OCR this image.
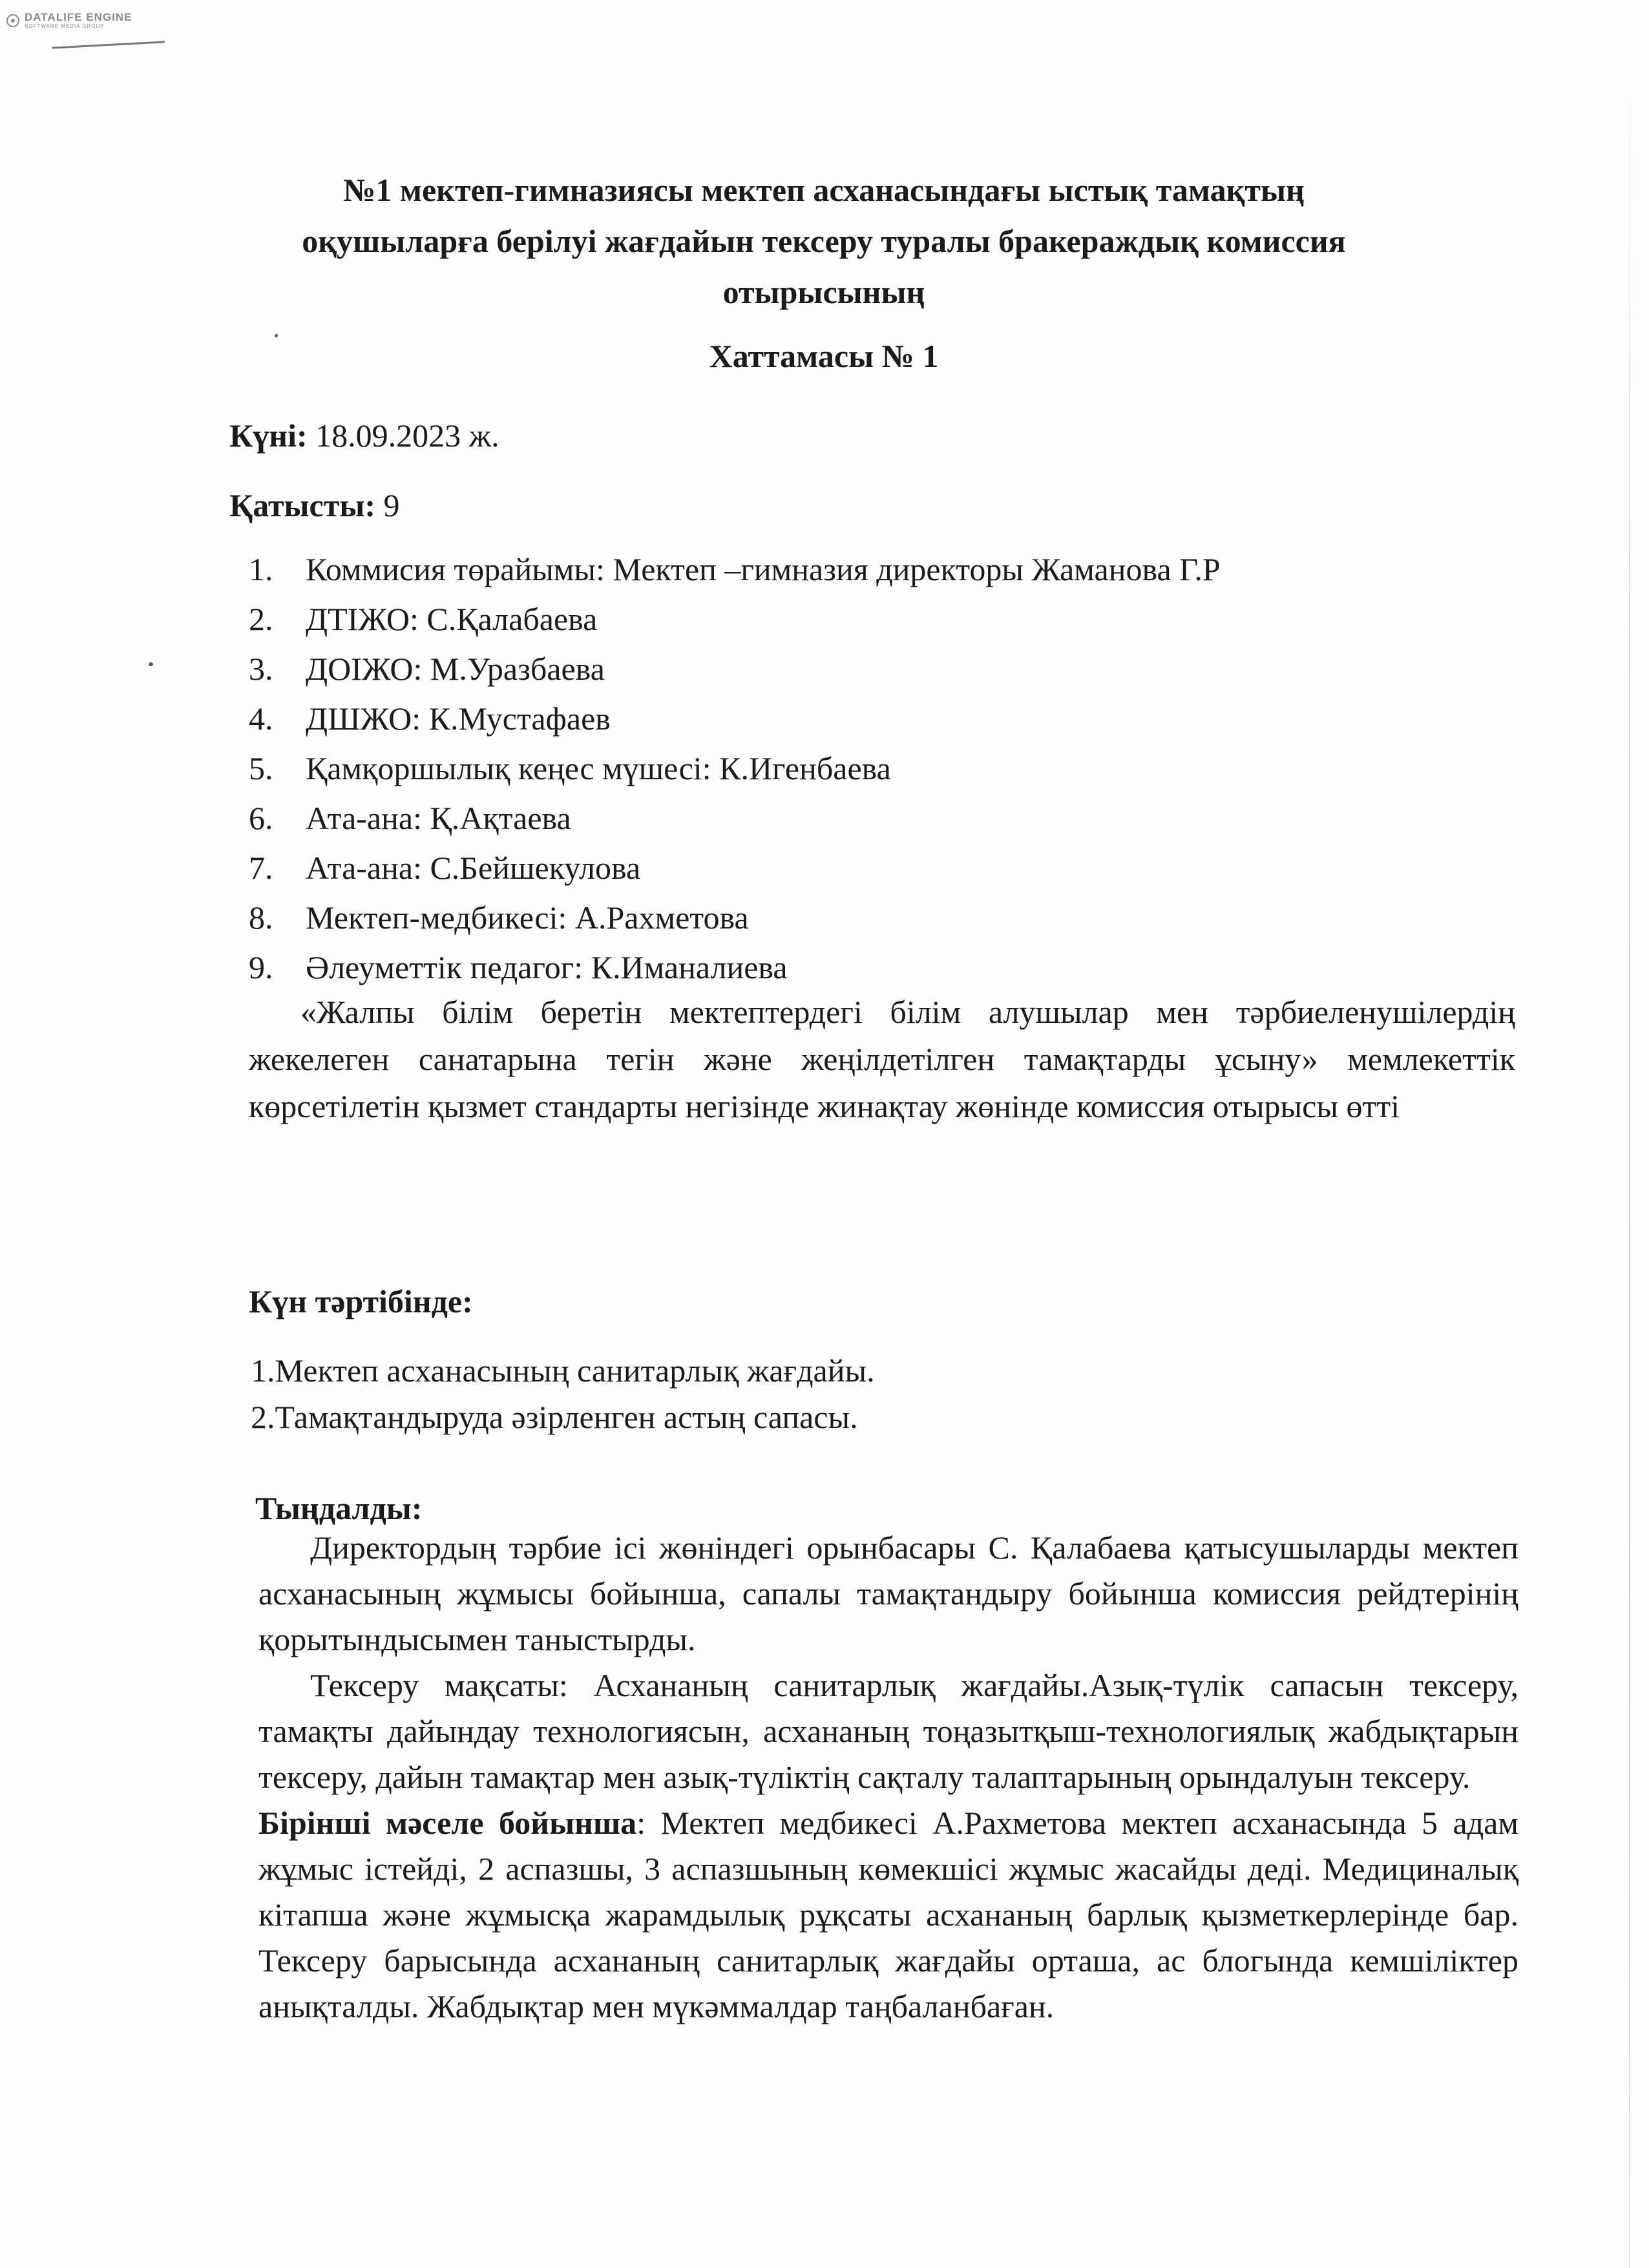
DATALIFE ENGINE
SOFTWARE MEDIA GROUP
№1 мектеп-гимназиясы мектеп асханасындағы ыстық тамақтың
оқушыларға берілуі жағдайын тексеру туралы бракераждық комиссия
отырысының
Хаттамасы № 1
Күні: 18.09.2023 ж.
Қатысты: 9
1. Коммисия төрайымы: Мектеп –гимназия директоры Жаманова Г.Р
2. ДТІЖО: С.Қалабаева
3. ДОІЖО: М.Уразбаева
4. ДШЖО: К.Мустафаев
5. Қамқоршылық кеңес мүшесі: К.Игенбаева
6. Ата-ана: Қ.Ақтаева
7. Ата-ана: С.Бейшекулова
8. Мектеп-медбикесі: А.Рахметова
9. Әлеуметтік педагог: К.Иманалиева
«Жалпы білім беретін мектептердегі білім алушылар мен тәрбиеленушілердің жекелеген санатарына тегін және жеңілдетілген тамақтарды ұсыну» мемлекеттік көрсетілетін қызмет стандарты негізінде жинақтау жөнінде комиссия отырысы өтті
Күн тәртібінде:
1.Мектеп асханасының санитарлық жағдайы.
2.Тамақтандыруда әзірленген астың сапасы.
Тыңдалды:
Директордың тәрбие ісі жөніндегі орынбасары С. Қалабаева қатысушыларды мектеп асханасының жұмысы бойынша, сапалы тамақтандыру бойынша комиссия рейдтерінің қорытындысымен таныстырды.
Тексеру мақсаты: Асхананың санитарлық жағдайы.Азық-түлік сапасын тексеру, тамақты дайындау технологиясын, асхананың тоңазытқыш-технологиялық жабдықтарын тексеру, дайын тамақтар мен азық-түліктің сақталу талаптарының орындалуын тексеру.
Бірінші мәселе бойынша: Мектеп медбикесі А.Рахметова мектеп асханасында 5 адам жұмыс істейді, 2 аспазшы, 3 аспазшының көмекшісі жұмыс жасайды деді. Медициналық кітапша және жұмысқа жарамдылық рұқсаты асхананың барлық қызметкерлерінде бар. Тексеру барысында асхананың санитарлық жағдайы орташа, ас блогында кемшіліктер анықталды. Жабдықтар мен мүкәммалдар таңбаланбаған.
